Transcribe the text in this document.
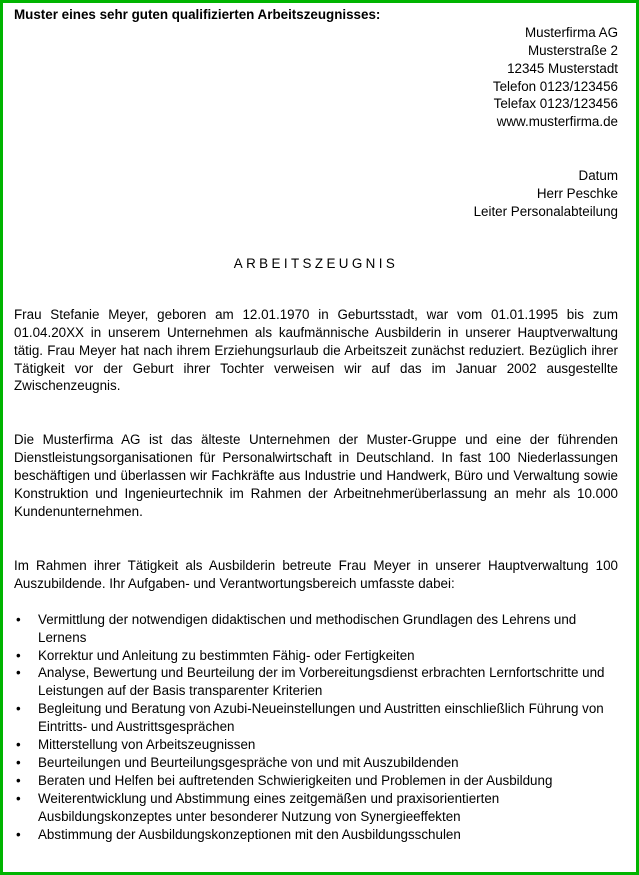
Muster eines sehr guten qualifizierten Arbeitszeugnisses:

Musterfirma AG
Musterstraße 2
12345 Musterstadt
Telefon 0123/123456
Telefax 0123/123456
www.musterfirma.de
Datum
Herr Peschke
Leiter Personalabteilung

ARBEITSZEUGNIS

Frau Stefanie Meyer, geboren am 12.01.1970 in Geburtsstadt, war vom 01.01.1995 bis zum 01.04.20XX in unserem Unternehmen als kaufmännische Ausbilderin in unserer Hauptverwaltung tätig. Frau Meyer hat nach ihrem Erziehungsurlaub die Arbeitszeit zunächst reduziert. Bezüglich ihrer Tätigkeit vor der Geburt ihrer Tochter verweisen wir auf das im Januar 2002 ausgestellte Zwischenzeugnis.

Die Musterfirma AG ist das älteste Unternehmen der Muster-Gruppe und eine der führenden Dienstleistungsorganisationen für Personalwirtschaft in Deutschland. In fast 100 Niederlassungen beschäftigen und überlassen wir Fachkräfte aus Industrie und Handwerk, Büro und Verwaltung sowie Konstruktion und Ingenieurtechnik im Rahmen der Arbeitnehmerüberlassung an mehr als 10.000 Kundenunternehmen.

Im Rahmen ihrer Tätigkeit als Ausbilderin betreute Frau Meyer in unserer Hauptverwaltung 100 Auszubildende. Ihr Aufgaben- und Verantwortungsbereich umfasste dabei:

• Vermittlung der notwendigen didaktischen und methodischen Grundlagen des Lehrens und Lernens
• Korrektur und Anleitung zu bestimmten Fähig- oder Fertigkeiten
• Analyse, Bewertung und Beurteilung der im Vorbereitungsdienst erbrachten Lernfortschritte und Leistungen auf der Basis transparenter Kriterien
• Begleitung und Beratung von Azubi-Neueinstellungen und Austritten einschließlich Führung von Eintritts- und Austrittsgesprächen
• Mitterstellung von Arbeitszeugnissen
• Beurteilungen und Beurteilungsgespräche von und mit Auszubildenden
• Beraten und Helfen bei auftretenden Schwierigkeiten und Problemen in der Ausbildung
• Weiterentwicklung und Abstimmung eines zeitgemäßen und praxisorientierten Ausbildungskonzeptes unter besonderer Nutzung von Synergieeffekten
• Abstimmung der Ausbildungskonzeptionen mit den Ausbildungsschulen
